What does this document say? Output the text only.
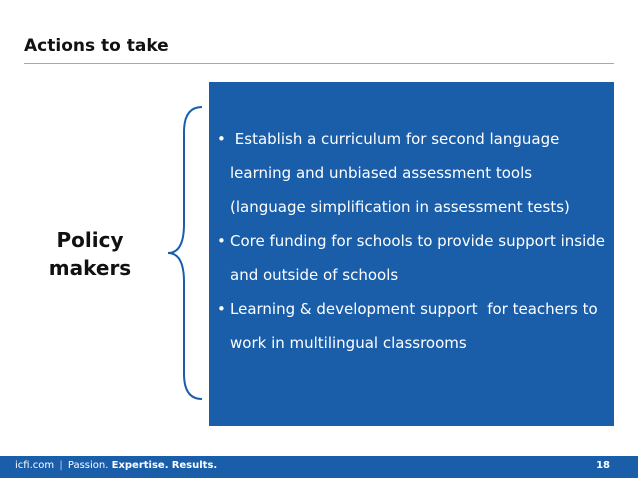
Actions to take
Policy
makers
• Establish a curriculum for second language learning and unbiased assessment tools (language simplification in assessment tests)
• Core funding for schools to provide support inside and outside of schools
• Learning & development support  for teachers to work in multilingual classrooms
icfi.com | Passion. Expertise. Results.	18
